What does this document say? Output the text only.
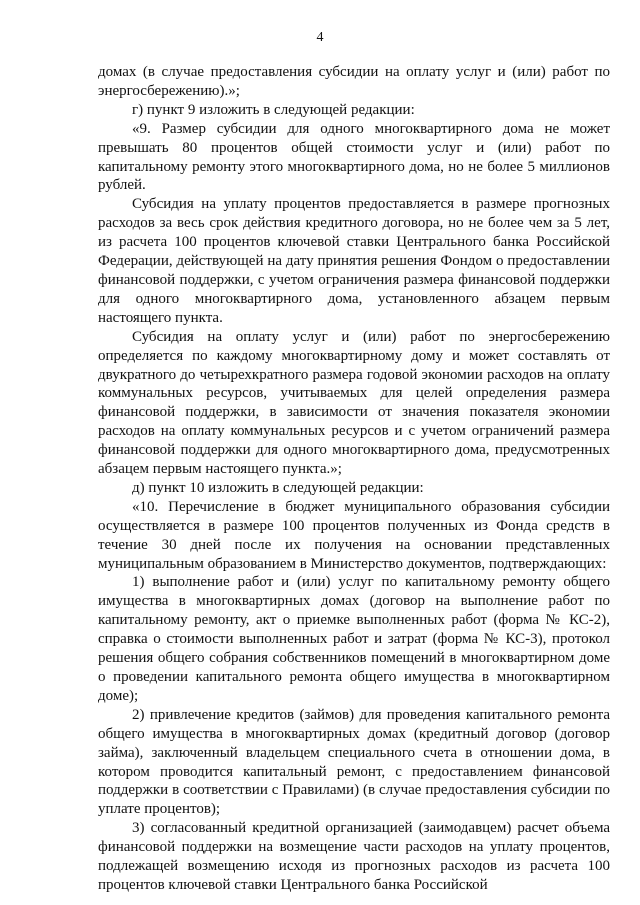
4

домах (в случае предоставления субсидии на оплату услуг и (или) работ по энергосбережению).»;

г) пункт 9 изложить в следующей редакции:

«9. Размер субсидии для одного многоквартирного дома не может превышать 80 процентов общей стоимости услуг и (или) работ по капитальному ремонту этого многоквартирного дома, но не более 5 миллионов рублей.

Субсидия на уплату процентов предоставляется в размере прогнозных расходов за весь срок действия кредитного договора, но не более чем за 5 лет, из расчета 100 процентов ключевой ставки Центрального банка Российской Федерации, действующей на дату принятия решения Фондом о предоставлении финансовой поддержки, с учетом ограничения размера финансовой поддержки для одного многоквартирного дома, установленного абзацем первым настоящего пункта.

Субсидия на оплату услуг и (или) работ по энергосбережению определяется по каждому многоквартирному дому и может составлять от двукратного до четырехкратного размера годовой экономии расходов на оплату коммунальных ресурсов, учитываемых для целей определения размера финансовой поддержки, в зависимости от значения показателя экономии расходов на оплату коммунальных ресурсов и с учетом ограничений размера финансовой поддержки для одного многоквартирного дома, предусмотренных абзацем первым настоящего пункта.»;

д) пункт 10 изложить в следующей редакции:

«10. Перечисление в бюджет муниципального образования субсидии осуществляется в размере 100 процентов полученных из Фонда средств в течение 30 дней после их получения на основании представленных муниципальным образованием в Министерство документов, подтверждающих:

1) выполнение работ и (или) услуг по капитальному ремонту общего имущества в многоквартирных домах (договор на выполнение работ по капитальному ремонту, акт о приемке выполненных работ (форма № КС-2), справка о стоимости выполненных работ и затрат (форма № КС-3), протокол решения общего собрания собственников помещений в многоквартирном доме о проведении капитального ремонта общего имущества в многоквартирном доме);

2) привлечение кредитов (займов) для проведения капитального ремонта общего имущества в многоквартирных домах (кредитный договор (договор займа), заключенный владельцем специального счета в отношении дома, в котором проводится капитальный ремонт, с предоставлением финансовой поддержки в соответствии с Правилами) (в случае предоставления субсидии по уплате процентов);

3) согласованный кредитной организацией (заимодавцем) расчет объема финансовой поддержки на возмещение части расходов на уплату процентов, подлежащей возмещению исходя из прогнозных расходов из расчета 100 процентов ключевой ставки Центрального банка Российской
